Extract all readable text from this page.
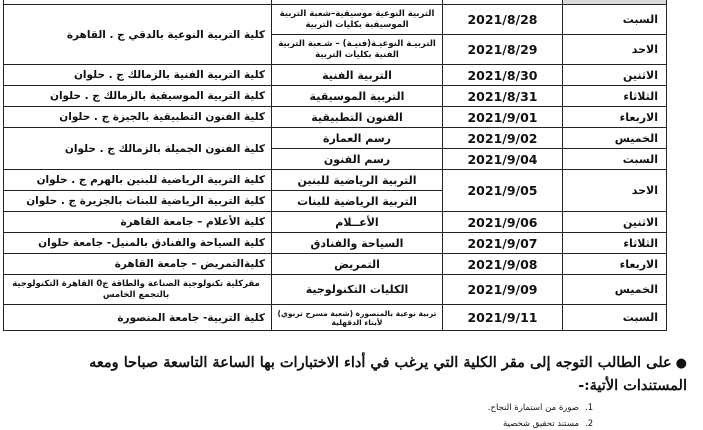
السبت	2021/8/28	التربية النوعية موسيقية–شعبة التربية الموسيقية بكليات التربية	كلية التربية النوعية بالدقي ج . القاهرة
الاحد	2021/8/29	التربيـة النوعيـة(فنيـة) – شـعبة التربية الفنية بكليات التربية	
الاثنين	2021/8/30	التربية الفنية	كلية التربية الفنية بالزمالك ج . حلوان
الثلاثاء	2021/8/31	التربية الموسيقية	كلية التربية الموسيقية بالزمالك ج . حلوان
الاربعاء	2021/9/01	الفنون التطبيقية	كلية الفنون التطبيقية بالجيزة ج . حلوان
الخميس	2021/9/02	رسم العمارة	كلية الفنون الجميلة بالزمالك ج . حلوان
السبت	2021/9/04	رسم الفنون	
الاحد	2021/9/05	التربية الرياضية للبنين	كلية التربية الرياضية للبنين بالهرم ج . حلوان
		التربية الرياضية للبنات	كلية التربية الرياضية للبنات بالجزيرة ج . حلوان
الاثنين	2021/9/06	الأعــلام	كلية الأعلام – جامعة القاهرة
الثلاثاء	2021/9/07	السياحة والفنادق	كلية السياحة والفنادق بالمنيل- جامعة حلوان
الاربعاء	2021/9/08	التمريض	كليةالتمريض – جامعة القاهرة
الخميس	2021/9/09	الكليات التكنولوجية	مقركلية تكنولوجية الصناعة والطاقة ج0 القاهرة التكنولوجية بالتجمع الخامس
السبت	2021/9/11	تربية نوعية بالمنصورة (شعبة مسرح تربوي) لأبناء الدقهلية	كلية التربية- جامعة المنصورة
●على الطالب التوجه إلى مقر الكلية التي يرغب في أداء الاختبارات بها الساعة التاسعة صباحا ومعه المستندات الأتية:-
1.صورة من استمارة النجاح.
2.مستند تحقيق شخصية
